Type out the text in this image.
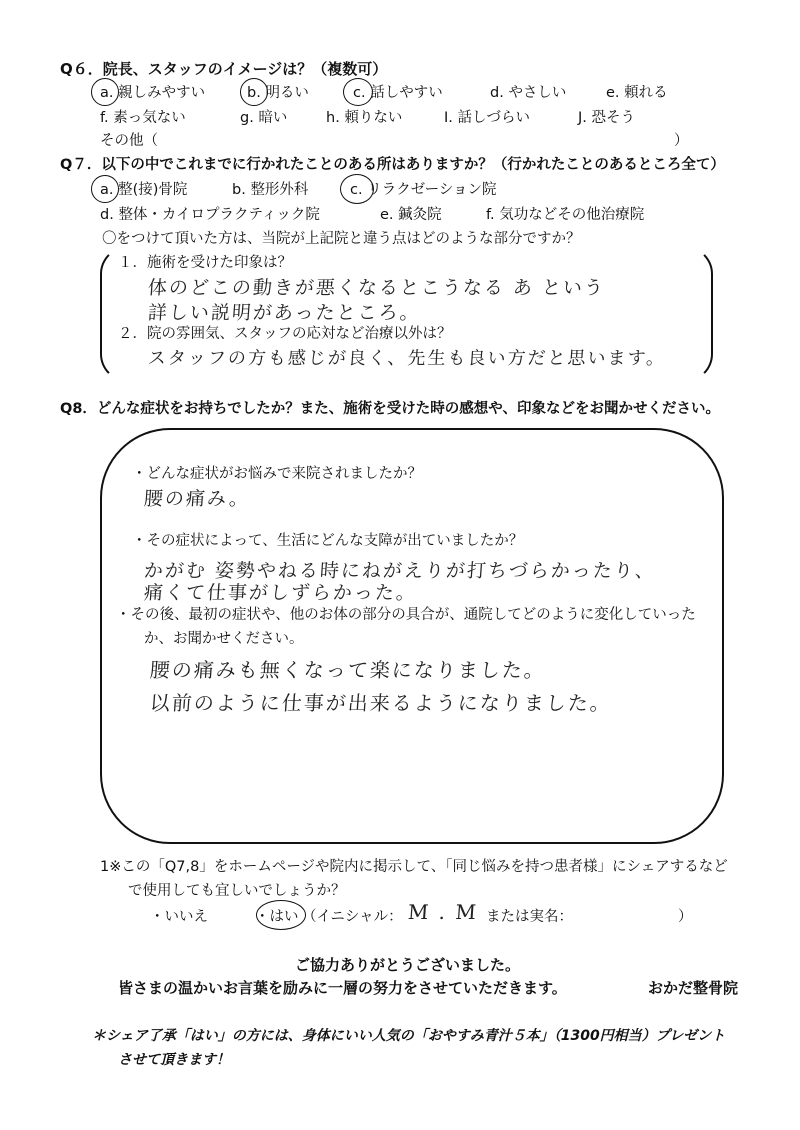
Q６．院長、スタッフのイメージは？（複数可）
a. 親しみやすい	b. 明るい	c. 話しやすい	d. やさしい	e. 頼れる
f. 素っ気ない	g. 暗い	h. 頼りない	I. 話しづらい	J. 恐そう
その他（	）
Q７．以下の中でこれまでに行かれたことのある所はありますか？（行かれたことのあるところ全て）
a. 整(接)骨院	b. 整形外科	c. リラクゼーション院
d. 整体・カイロプラクティック院	e. 鍼灸院	f. 気功などその他治療院
〇をつけて頂いた方は、当院が上記院と違う点はどのような部分ですか？
１．施術を受けた印象は？
体のどこの動きが悪くなるとこうなる あ という
詳しい説明があったところ。
２．院の雰囲気、スタッフの応対など治療以外は？
スタッフの方も感じが良く、先生も良い方だと思います。
Q8．どんな症状をお持ちでしたか？また、施術を受けた時の感想や、印象などをお聞かせください。
・どんな症状がお悩みで来院されましたか？
腰の痛み。
・その症状によって、生活にどんな支障が出ていましたか？
かがむ 姿勢やねる時にねがえりが打ちづらかったり、
痛くて仕事がしずらかった。
・その後、最初の症状や、他のお体の部分の具合が、通院してどのように変化していった
か、お聞かせください。
腰の痛みも無くなって楽になりました。
以前のように仕事が出来るようになりました。
1※この「Q7,8」をホームページや院内に掲示して、「同じ悩みを持つ患者様」にシェアするなど
で使用しても宜しいでしょうか？
・いいえ	・はい （イニシャル： M . M または実名：	）
ご協力ありがとうございました。
皆さまの温かいお言葉を励みに一層の努力をさせていただきます。	おかだ整骨院
＊シェア了承「はい」の方には、身体にいい人気の「おやすみ青汁５本」（1300円相当）プレゼント
させて頂きます！
